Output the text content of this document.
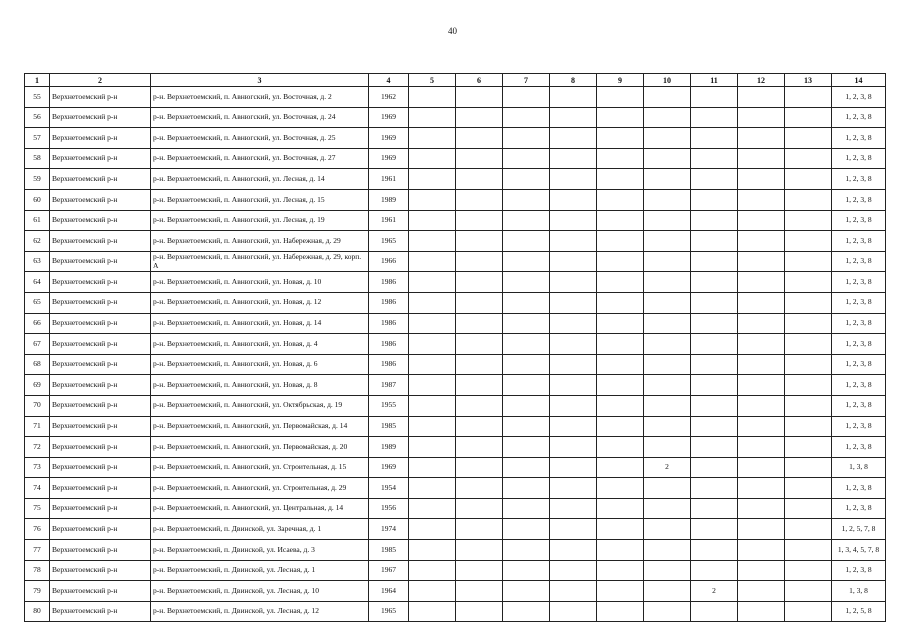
40
1	2	3	4	5	6	7	8	9	10	11	12	13	14
55	Верхнетоемский р-н	р-н. Верхнетоемский, п. Авнюгский, ул. Восточная, д. 2	1962										1, 2, 3, 8
56	Верхнетоемский р-н	р-н. Верхнетоемский, п. Авнюгский, ул. Восточная, д. 24	1969										1, 2, 3, 8
57	Верхнетоемский р-н	р-н. Верхнетоемский, п. Авнюгский, ул. Восточная, д. 25	1969										1, 2, 3, 8
58	Верхнетоемский р-н	р-н. Верхнетоемский, п. Авнюгский, ул. Восточная, д. 27	1969										1, 2, 3, 8
59	Верхнетоемский р-н	р-н. Верхнетоемский, п. Авнюгский, ул. Лесная, д. 14	1961										1, 2, 3, 8
60	Верхнетоемский р-н	р-н. Верхнетоемский, п. Авнюгский, ул. Лесная, д. 15	1989										1, 2, 3, 8
61	Верхнетоемский р-н	р-н. Верхнетоемский, п. Авнюгский, ул. Лесная, д. 19	1961										1, 2, 3, 8
62	Верхнетоемский р-н	р-н. Верхнетоемский, п. Авнюгский, ул. Набережная, д. 29	1965										1, 2, 3, 8
63	Верхнетоемский р-н	р-н. Верхнетоемский, п. Авнюгский, ул. Набережная, д. 29, корп. А	1966										1, 2, 3, 8
64	Верхнетоемский р-н	р-н. Верхнетоемский, п. Авнюгский, ул. Новая, д. 10	1986										1, 2, 3, 8
65	Верхнетоемский р-н	р-н. Верхнетоемский, п. Авнюгский, ул. Новая, д. 12	1986										1, 2, 3, 8
66	Верхнетоемский р-н	р-н. Верхнетоемский, п. Авнюгский, ул. Новая, д. 14	1986										1, 2, 3, 8
67	Верхнетоемский р-н	р-н. Верхнетоемский, п. Авнюгский, ул. Новая, д. 4	1986										1, 2, 3, 8
68	Верхнетоемский р-н	р-н. Верхнетоемский, п. Авнюгский, ул. Новая, д. 6	1986										1, 2, 3, 8
69	Верхнетоемский р-н	р-н. Верхнетоемский, п. Авнюгский, ул. Новая, д. 8	1987										1, 2, 3, 8
70	Верхнетоемский р-н	р-н. Верхнетоемский, п. Авнюгский, ул. Октябрьская, д. 19	1955										1, 2, 3, 8
71	Верхнетоемский р-н	р-н. Верхнетоемский, п. Авнюгский, ул. Первомайская, д. 14	1985										1, 2, 3, 8
72	Верхнетоемский р-н	р-н. Верхнетоемский, п. Авнюгский, ул. Первомайская, д. 20	1989										1, 2, 3, 8
73	Верхнетоемский р-н	р-н. Верхнетоемский, п. Авнюгский, ул. Строительная, д. 15	1969						2				1, 3, 8
74	Верхнетоемский р-н	р-н. Верхнетоемский, п. Авнюгский, ул. Строительная, д. 29	1954										1, 2, 3, 8
75	Верхнетоемский р-н	р-н. Верхнетоемский, п. Авнюгский, ул. Центральная, д. 14	1956										1, 2, 3, 8
76	Верхнетоемский р-н	р-н. Верхнетоемский, п. Двинской, ул. Заречная, д. 1	1974										1, 2, 5, 7, 8
77	Верхнетоемский р-н	р-н. Верхнетоемский, п. Двинской, ул. Исаева, д. 3	1985										1, 3, 4, 5, 7, 8
78	Верхнетоемский р-н	р-н. Верхнетоемский, п. Двинской, ул. Лесная, д. 1	1967										1, 2, 3, 8
79	Верхнетоемский р-н	р-н. Верхнетоемский, п. Двинской, ул. Лесная, д. 10	1964							2			1, 3, 8
80	Верхнетоемский р-н	р-н. Верхнетоемский, п. Двинской, ул. Лесная, д. 12	1965										1, 2, 5, 8
